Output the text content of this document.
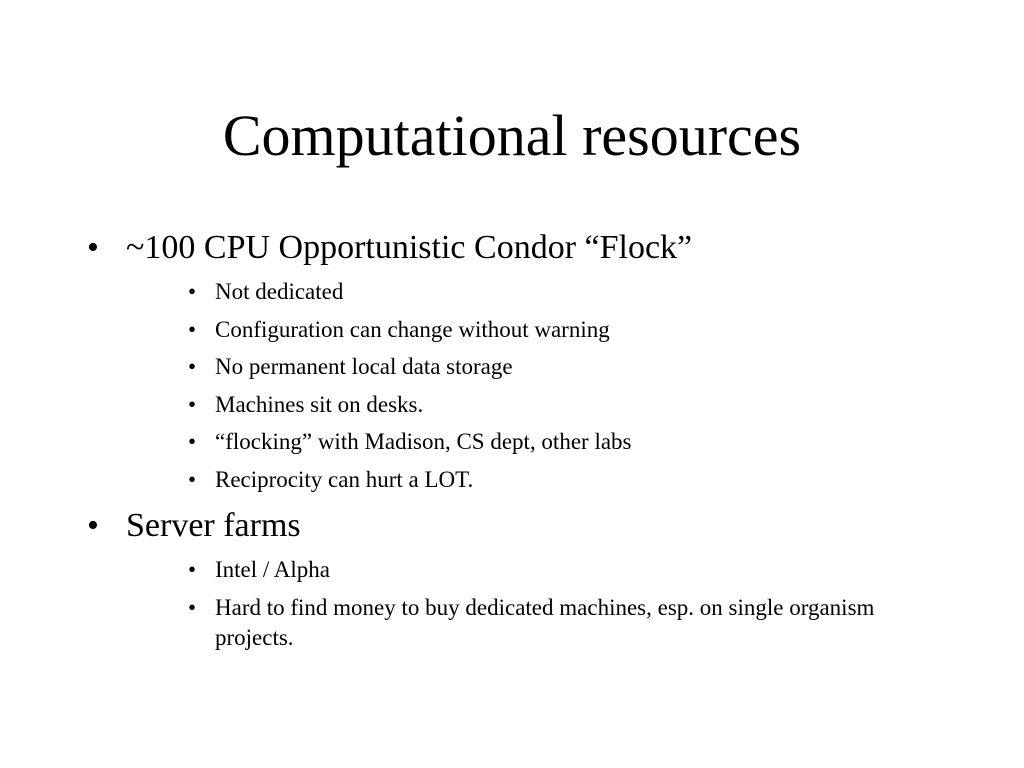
Computational resources
• ~100 CPU Opportunistic Condor “Flock”
• Not dedicated
• Configuration can change without warning
• No permanent local data storage
• Machines sit on desks.
• “flocking” with Madison, CS dept, other labs
• Reciprocity can hurt a LOT.
• Server farms
• Intel / Alpha
• Hard to find money to buy dedicated machines, esp. on single organism projects.
